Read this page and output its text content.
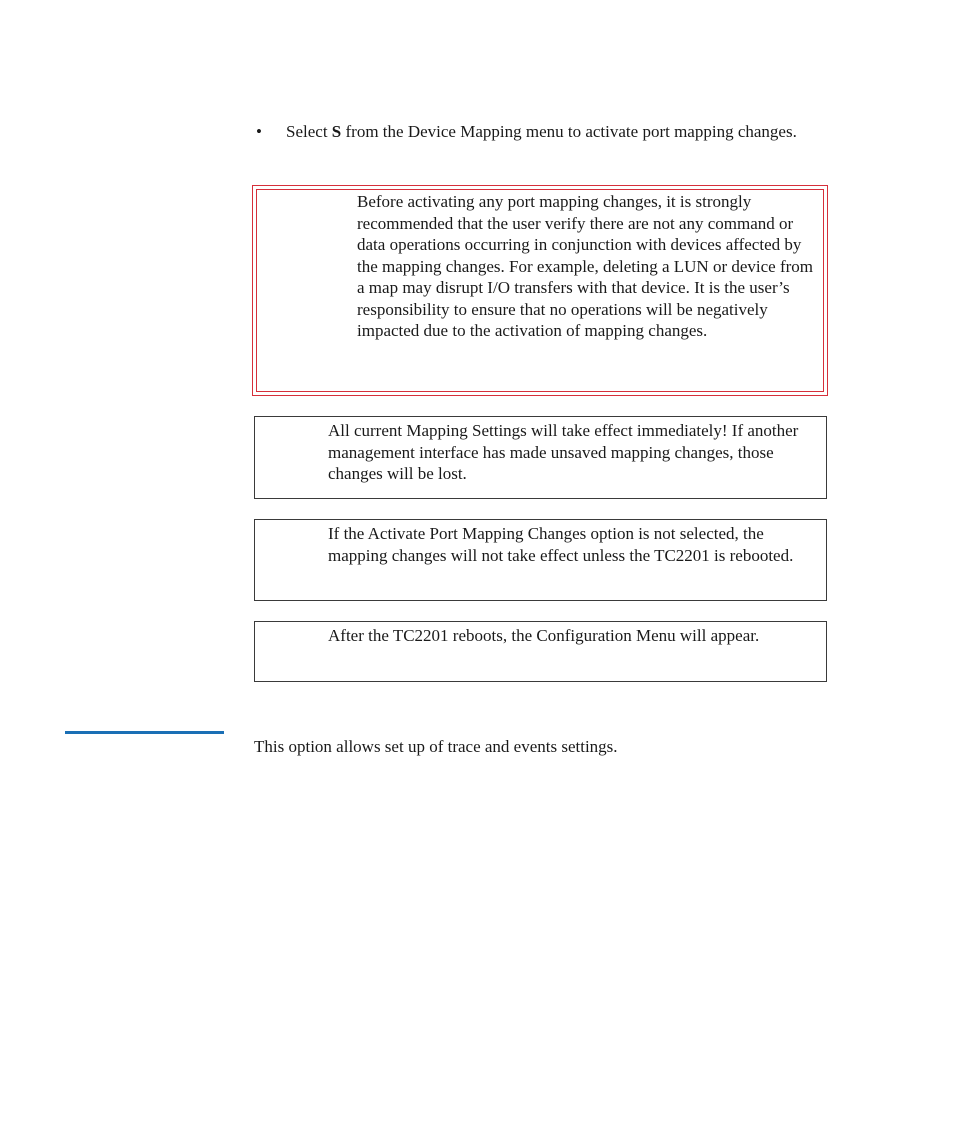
• Select S from the Device Mapping menu to activate port mapping changes.
Before activating any port mapping changes, it is strongly recommended that the user verify there are not any command or data operations occurring in conjunction with devices affected by the mapping changes. For example, deleting a LUN or device from a map may disrupt I/O transfers with that device. It is the user’s responsibility to ensure that no operations will be negatively impacted due to the activation of mapping changes.
All current Mapping Settings will take effect immediately! If another management interface has made unsaved mapping changes, those changes will be lost.
If the Activate Port Mapping Changes option is not selected, the mapping changes will not take effect unless the TC2201 is rebooted.
After the TC2201 reboots, the Configuration Menu will appear.
This option allows set up of trace and events settings.
